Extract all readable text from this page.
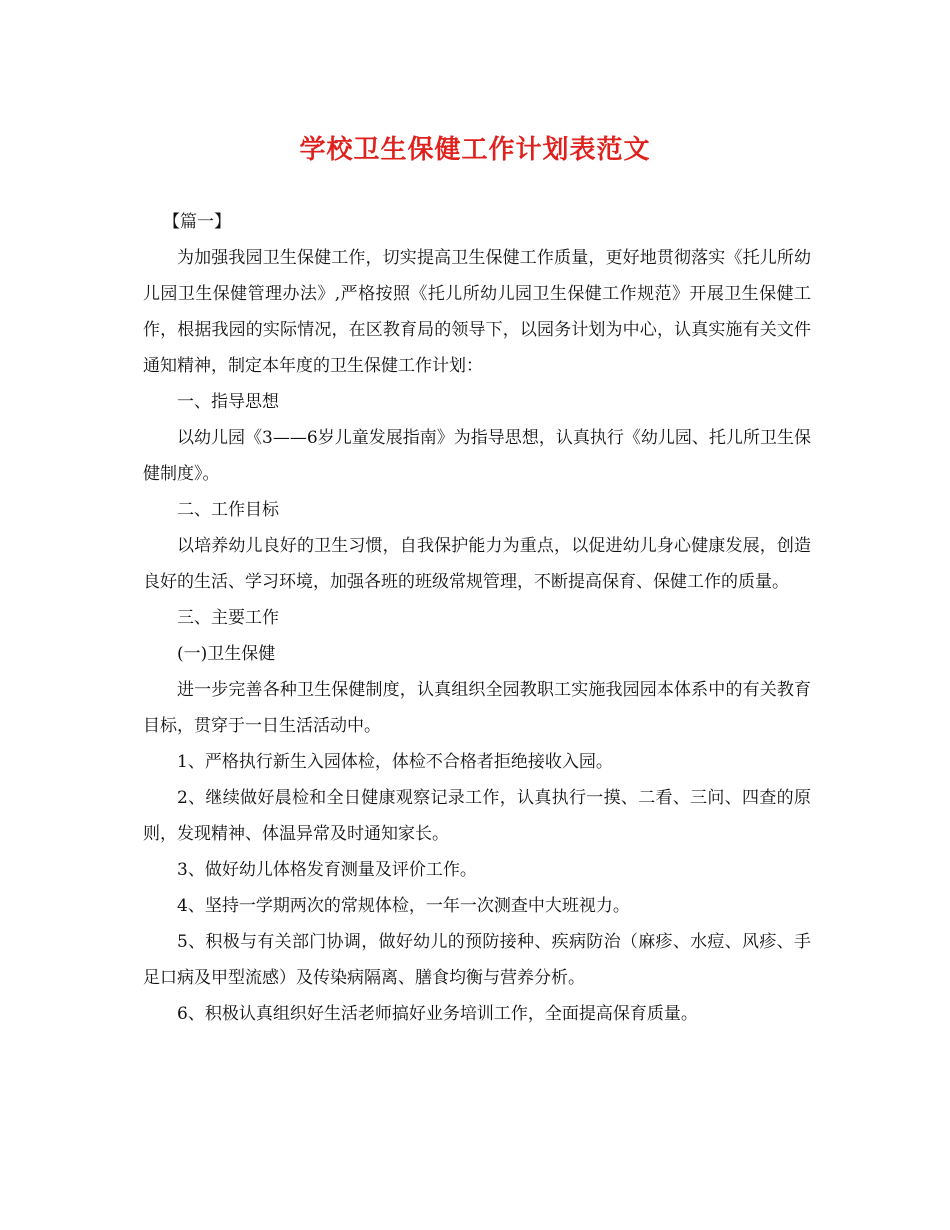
学校卫生保健工作计划表范文

【篇一】

为加强我园卫生保健工作，切实提高卫生保健工作质量，更好地贯彻落实《托儿所幼儿园卫生保健管理办法》,严格按照《托儿所幼儿园卫生保健工作规范》开展卫生保健工作，根据我园的实际情况，在区教育局的领导下，以园务计划为中心，认真实施有关文件通知精神，制定本年度的卫生保健工作计划：

一、指导思想

以幼儿园《3——6岁儿童发展指南》为指导思想，认真执行《幼儿园、托儿所卫生保健制度》。

二、工作目标

以培养幼儿良好的卫生习惯，自我保护能力为重点，以促进幼儿身心健康发展，创造良好的生活、学习环境，加强各班的班级常规管理，不断提高保育、保健工作的质量。

三、主要工作

(一)卫生保健

进一步完善各种卫生保健制度，认真组织全园教职工实施我园园本体系中的有关教育目标，贯穿于一日生活活动中。

1、严格执行新生入园体检，体检不合格者拒绝接收入园。

2、继续做好晨检和全日健康观察记录工作，认真执行一摸、二看、三问、四查的原则，发现精神、体温异常及时通知家长。

3、做好幼儿体格发育测量及评价工作。

4、坚持一学期两次的常规体检，一年一次测查中大班视力。

5、积极与有关部门协调，做好幼儿的预防接种、疾病防治（麻疹、水痘、风疹、手足口病及甲型流感）及传染病隔离、膳食均衡与营养分析。

6、积极认真组织好生活老师搞好业务培训工作，全面提高保育质量。
